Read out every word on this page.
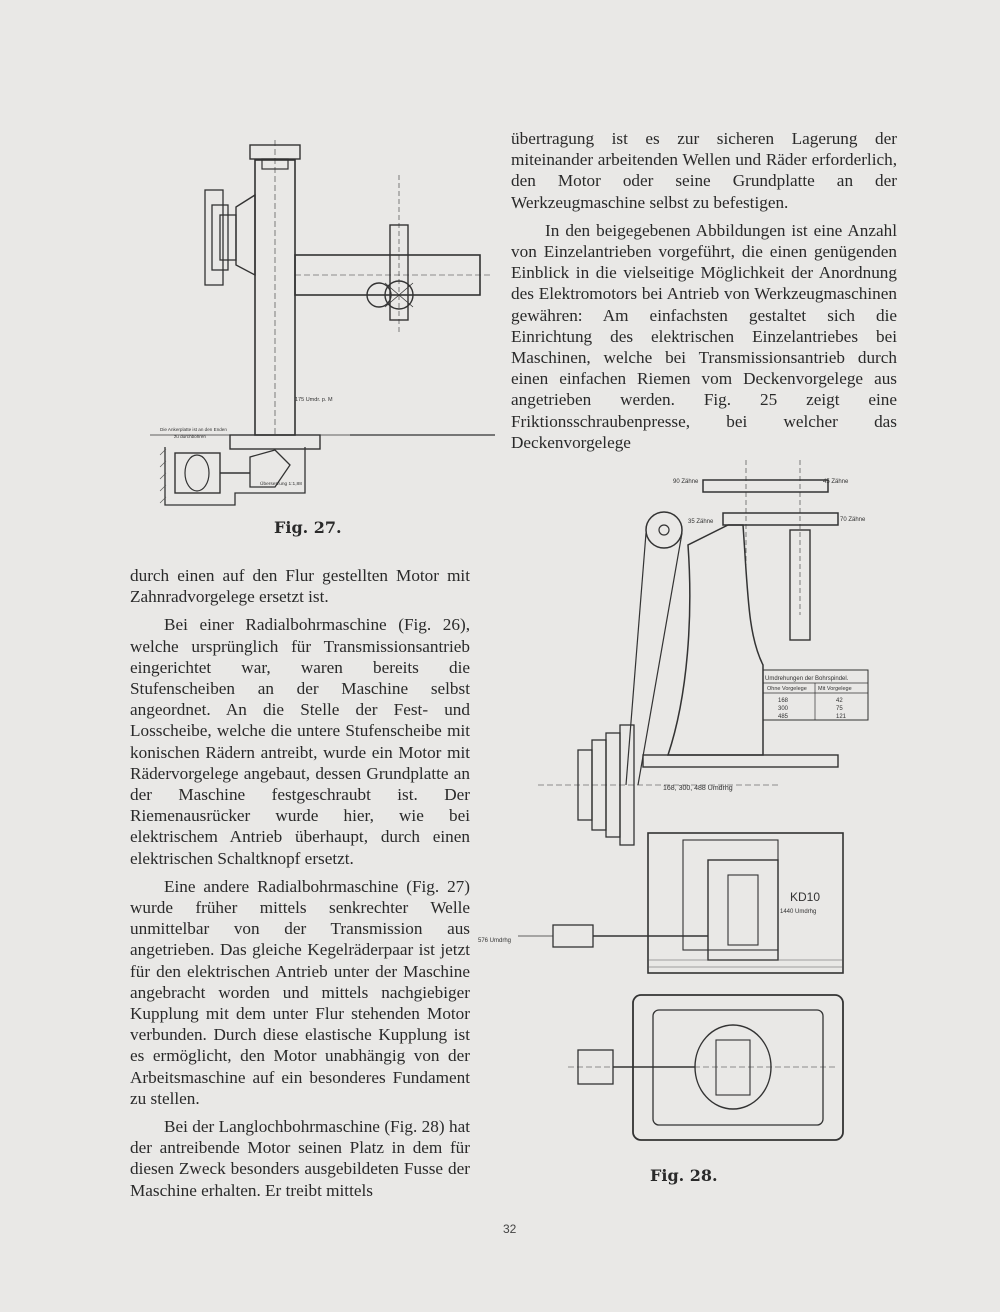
175 Umdr. p. M
Die Ankerplatte ist an den Enden
zu durchbohren
Übersetzung 1:1,88
Fig. 27.

übertragung ist es zur sicheren Lagerung der miteinander arbeitenden Wellen und Räder erforderlich, den Motor oder seine Grundplatte an der Werkzeugmaschine selbst zu befestigen.

In den beigegebenen Abbildungen ist eine Anzahl von Einzelantrieben vorgeführt, die einen genügenden Einblick in die vielseitige Möglichkeit der Anordnung des Elektromotors bei Antrieb von Werkzeugmaschinen gewähren: Am einfachsten gestaltet sich die Einrichtung des elektrischen Einzelantriebes bei Maschinen, welche bei Transmissionsantrieb durch einen einfachen Riemen vom Deckenvorgelege aus angetrieben werden. Fig. 25 zeigt eine Friktionsschraubenpresse, bei welcher das Deckenvorgelege

durch einen auf den Flur gestellten Motor mit Zahnradvorgelege ersetzt ist.

Bei einer Radialbohrmaschine (Fig. 26), welche ursprünglich für Transmissionsantrieb eingerichtet war, waren bereits die Stufenscheiben an der Maschine selbst angeordnet. An die Stelle der Fest- und Losscheibe, welche die untere Stufenscheibe mit konischen Rädern antreibt, wurde ein Motor mit Rädervorgelege angebaut, dessen Grundplatte an der Maschine festgeschraubt ist. Der Riemenausrücker wurde hier, wie bei elektrischem Antrieb überhaupt, durch einen elektrischen Schaltknopf ersetzt.

Eine andere Radialbohrmaschine (Fig. 27) wurde früher mittels senkrechter Welle unmittelbar von der Transmission aus angetrieben. Das gleiche Kegelräderpaar ist jetzt für den elektrischen Antrieb unter der Maschine angebracht worden und mittels nachgiebiger Kupplung mit dem unter Flur stehenden Motor verbunden. Durch diese elastische Kupplung ist es ermöglicht, den Motor unabhängig von der Arbeitsmaschine auf ein besonderes Fundament zu stellen.

Bei der Langlochbohrmaschine (Fig. 28) hat der antreibende Motor seinen Platz in dem für diesen Zweck besonders ausgebildeten Fusse der Maschine erhalten. Er treibt mittels

Umdrehungen der Bohrspindel.
Ohne Vorgelege Mit Vorgelege
168	42
300	75
485	121
KD10
1440 Umdrhg
90 Zähne	45 Zähne
35 Zähne	70 Zähne
168, 300, 488 Umdrhg
576 Umdrhg
Fig. 28.
32
